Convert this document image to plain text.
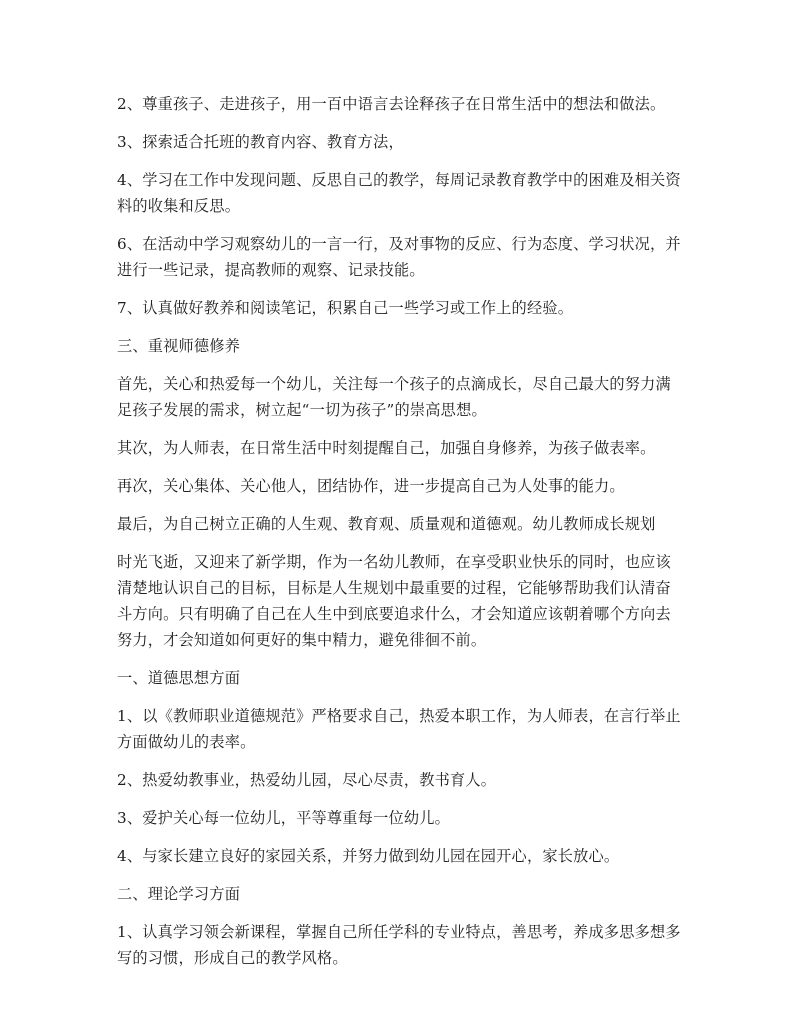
2、尊重孩子、走进孩子，用一百中语言去诠释孩子在日常生活中的想法和做法。

3、探索适合托班的教育内容、教育方法，

4、学习在工作中发现问题、反思自己的教学，每周记录教育教学中的困难及相关资料的收集和反思。

6、在活动中学习观察幼儿的一言一行，及对事物的反应、行为态度、学习状况，并进行一些记录，提高教师的观察、记录技能。

7、认真做好教养和阅读笔记，积累自己一些学习或工作上的经验。

三、重视师德修养

首先，关心和热爱每一个幼儿，关注每一个孩子的点滴成长，尽自己最大的努力满足孩子发展的需求，树立起“一切为孩子”的崇高思想。

其次，为人师表，在日常生活中时刻提醒自己，加强自身修养，为孩子做表率。

再次，关心集体、关心他人，团结协作，进一步提高自己为人处事的能力。

最后，为自己树立正确的人生观、教育观、质量观和道德观。幼儿教师成长规划

时光飞逝，又迎来了新学期，作为一名幼儿教师，在享受职业快乐的同时，也应该清楚地认识自己的目标，目标是人生规划中最重要的过程，它能够帮助我们认清奋斗方向。只有明确了自己在人生中到底要追求什么，才会知道应该朝着哪个方向去努力，才会知道如何更好的集中精力，避免徘徊不前。

一、道德思想方面

1、以《教师职业道德规范》严格要求自己，热爱本职工作，为人师表，在言行举止方面做幼儿的表率。

2、热爱幼教事业，热爱幼儿园，尽心尽责，教书育人。

3、爱护关心每一位幼儿，平等尊重每一位幼儿。

4、与家长建立良好的家园关系，并努力做到幼儿园在园开心，家长放心。

二、理论学习方面

1、认真学习领会新课程，掌握自己所任学科的专业特点，善思考，养成多思多想多写的习惯，形成自己的教学风格。
